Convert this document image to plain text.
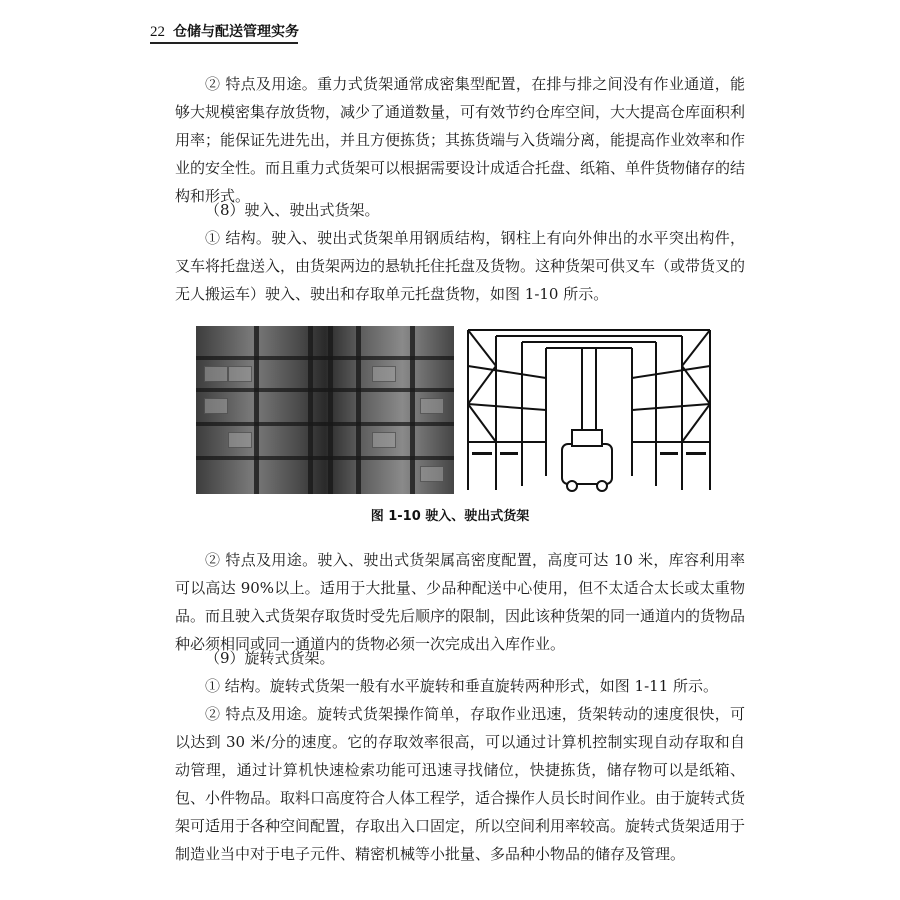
22 仓储与配送管理实务

② 特点及用途。重力式货架通常成密集型配置，在排与排之间没有作业通道，能够大规模密集存放货物，减少了通道数量，可有效节约仓库空间，大大提高仓库面积利用率；能保证先进先出，并且方便拣货；其拣货端与入货端分离，能提高作业效率和作业的安全性。而且重力式货架可以根据需要设计成适合托盘、纸箱、单件货物储存的结构和形式。

（8）驶入、驶出式货架。

① 结构。驶入、驶出式货架单用钢质结构，钢柱上有向外伸出的水平突出构件，叉车将托盘送入，由货架两边的悬轨托住托盘及货物。这种货架可供叉车（或带货叉的无人搬运车）驶入、驶出和存取单元托盘货物，如图 1-10 所示。

图 1-10 驶入、驶出式货架

② 特点及用途。驶入、驶出式货架属高密度配置，高度可达 10 米，库容利用率可以高达 90%以上。适用于大批量、少品种配送中心使用，但不太适合太长或太重物品。而且驶入式货架存取货时受先后顺序的限制，因此该种货架的同一通道内的货物品种必须相同或同一通道内的货物必须一次完成出入库作业。

（9）旋转式货架。

① 结构。旋转式货架一般有水平旋转和垂直旋转两种形式，如图 1-11 所示。

② 特点及用途。旋转式货架操作简单，存取作业迅速，货架转动的速度很快，可以达到 30 米/分的速度。它的存取效率很高，可以通过计算机控制实现自动存取和自动管理，通过计算机快速检索功能可迅速寻找储位，快捷拣货，储存物可以是纸箱、包、小件物品。取料口高度符合人体工程学，适合操作人员长时间作业。由于旋转式货架可适用于各种空间配置，存取出入口固定，所以空间利用率较高。旋转式货架适用于制造业当中对于电子元件、精密机械等小批量、多品种小物品的储存及管理。
